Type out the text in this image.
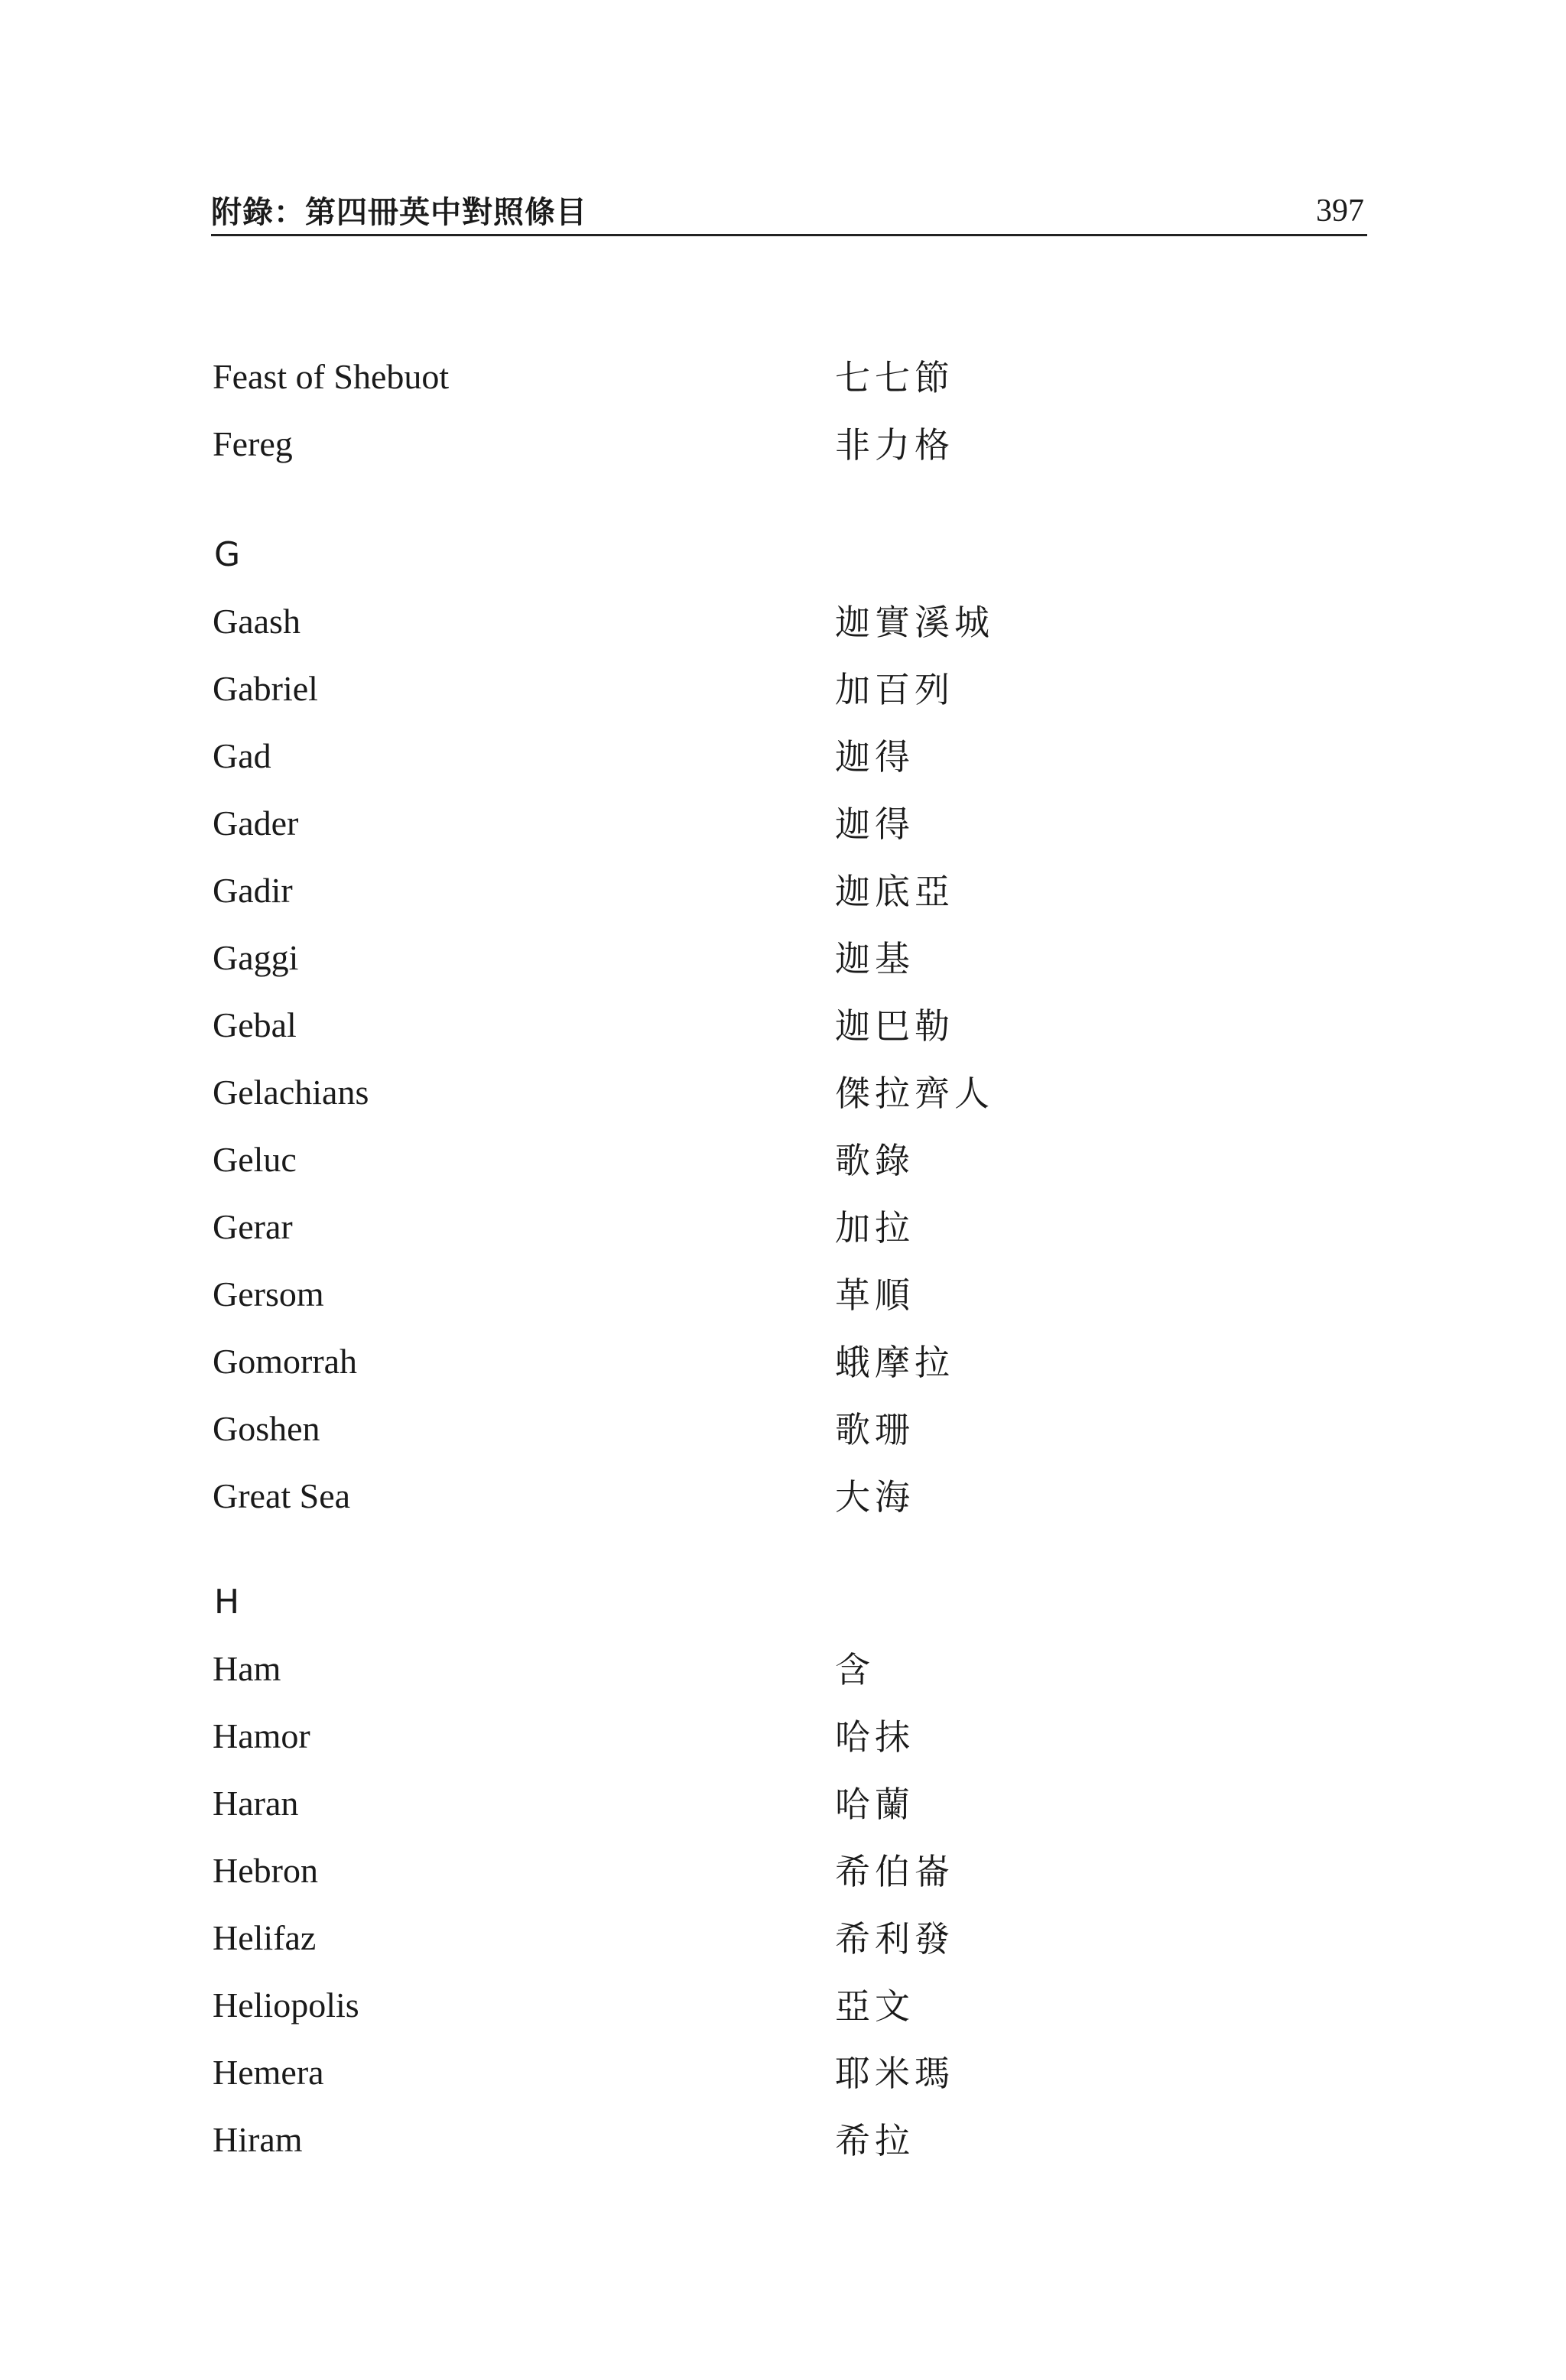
附錄：第四冊英中對照條目	397
Feast of Shebuot	七七節
Fereg	非力格
G
Gaash	迦實溪城
Gabriel	加百列
Gad	迦得
Gader	迦得
Gadir	迦底亞
Gaggi	迦基
Gebal	迦巴勒
Gelachians	傑拉齊人
Geluc	歌錄
Gerar	加拉
Gersom	革順
Gomorrah	蛾摩拉
Goshen	歌珊
Great Sea	大海
H
Ham	含
Hamor	哈抹
Haran	哈蘭
Hebron	希伯崙
Helifaz	希利發
Heliopolis	亞文
Hemera	耶米瑪
Hiram	希拉
